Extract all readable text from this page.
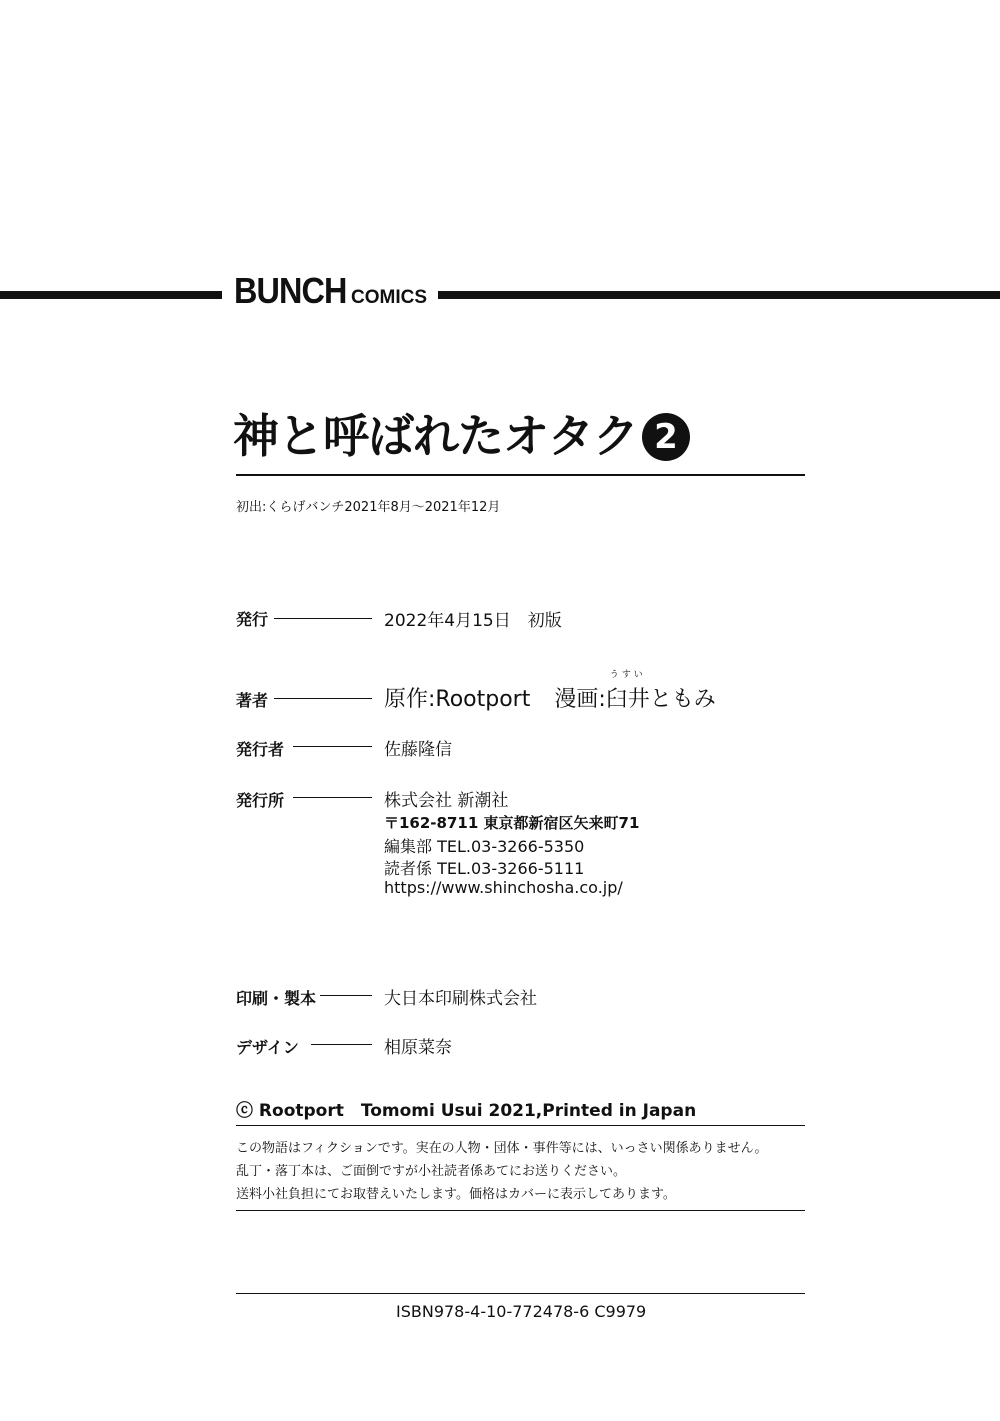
BUNCH COMICS
神と呼ばれたオタク 2
初出:くらげバンチ2021年8月～2021年12月
発行	2022年4月15日　初版
著者	原作:Rootport 漫画:
うすい
臼井ともみ
発行者	佐藤隆信
発行所	株式会社 新潮社
〒162-8711 東京都新宿区矢来町71
編集部 TEL.03-3266-5350
読者係 TEL.03-3266-5111
https://www.shinchosha.co.jp/
印刷・製本	大日本印刷株式会社
デザイン	相原菜奈
ⓒ Rootport　Tomomi Usui 2021,Printed in Japan
この物語はフィクションです。実在の人物・団体・事件等には、いっさい関係ありません。
乱丁・落丁本は、ご面倒ですが小社読者係あてにお送りください。
送料小社負担にてお取替えいたします。価格はカバーに表示してあります。
ISBN978-4-10-772478-6 C9979
